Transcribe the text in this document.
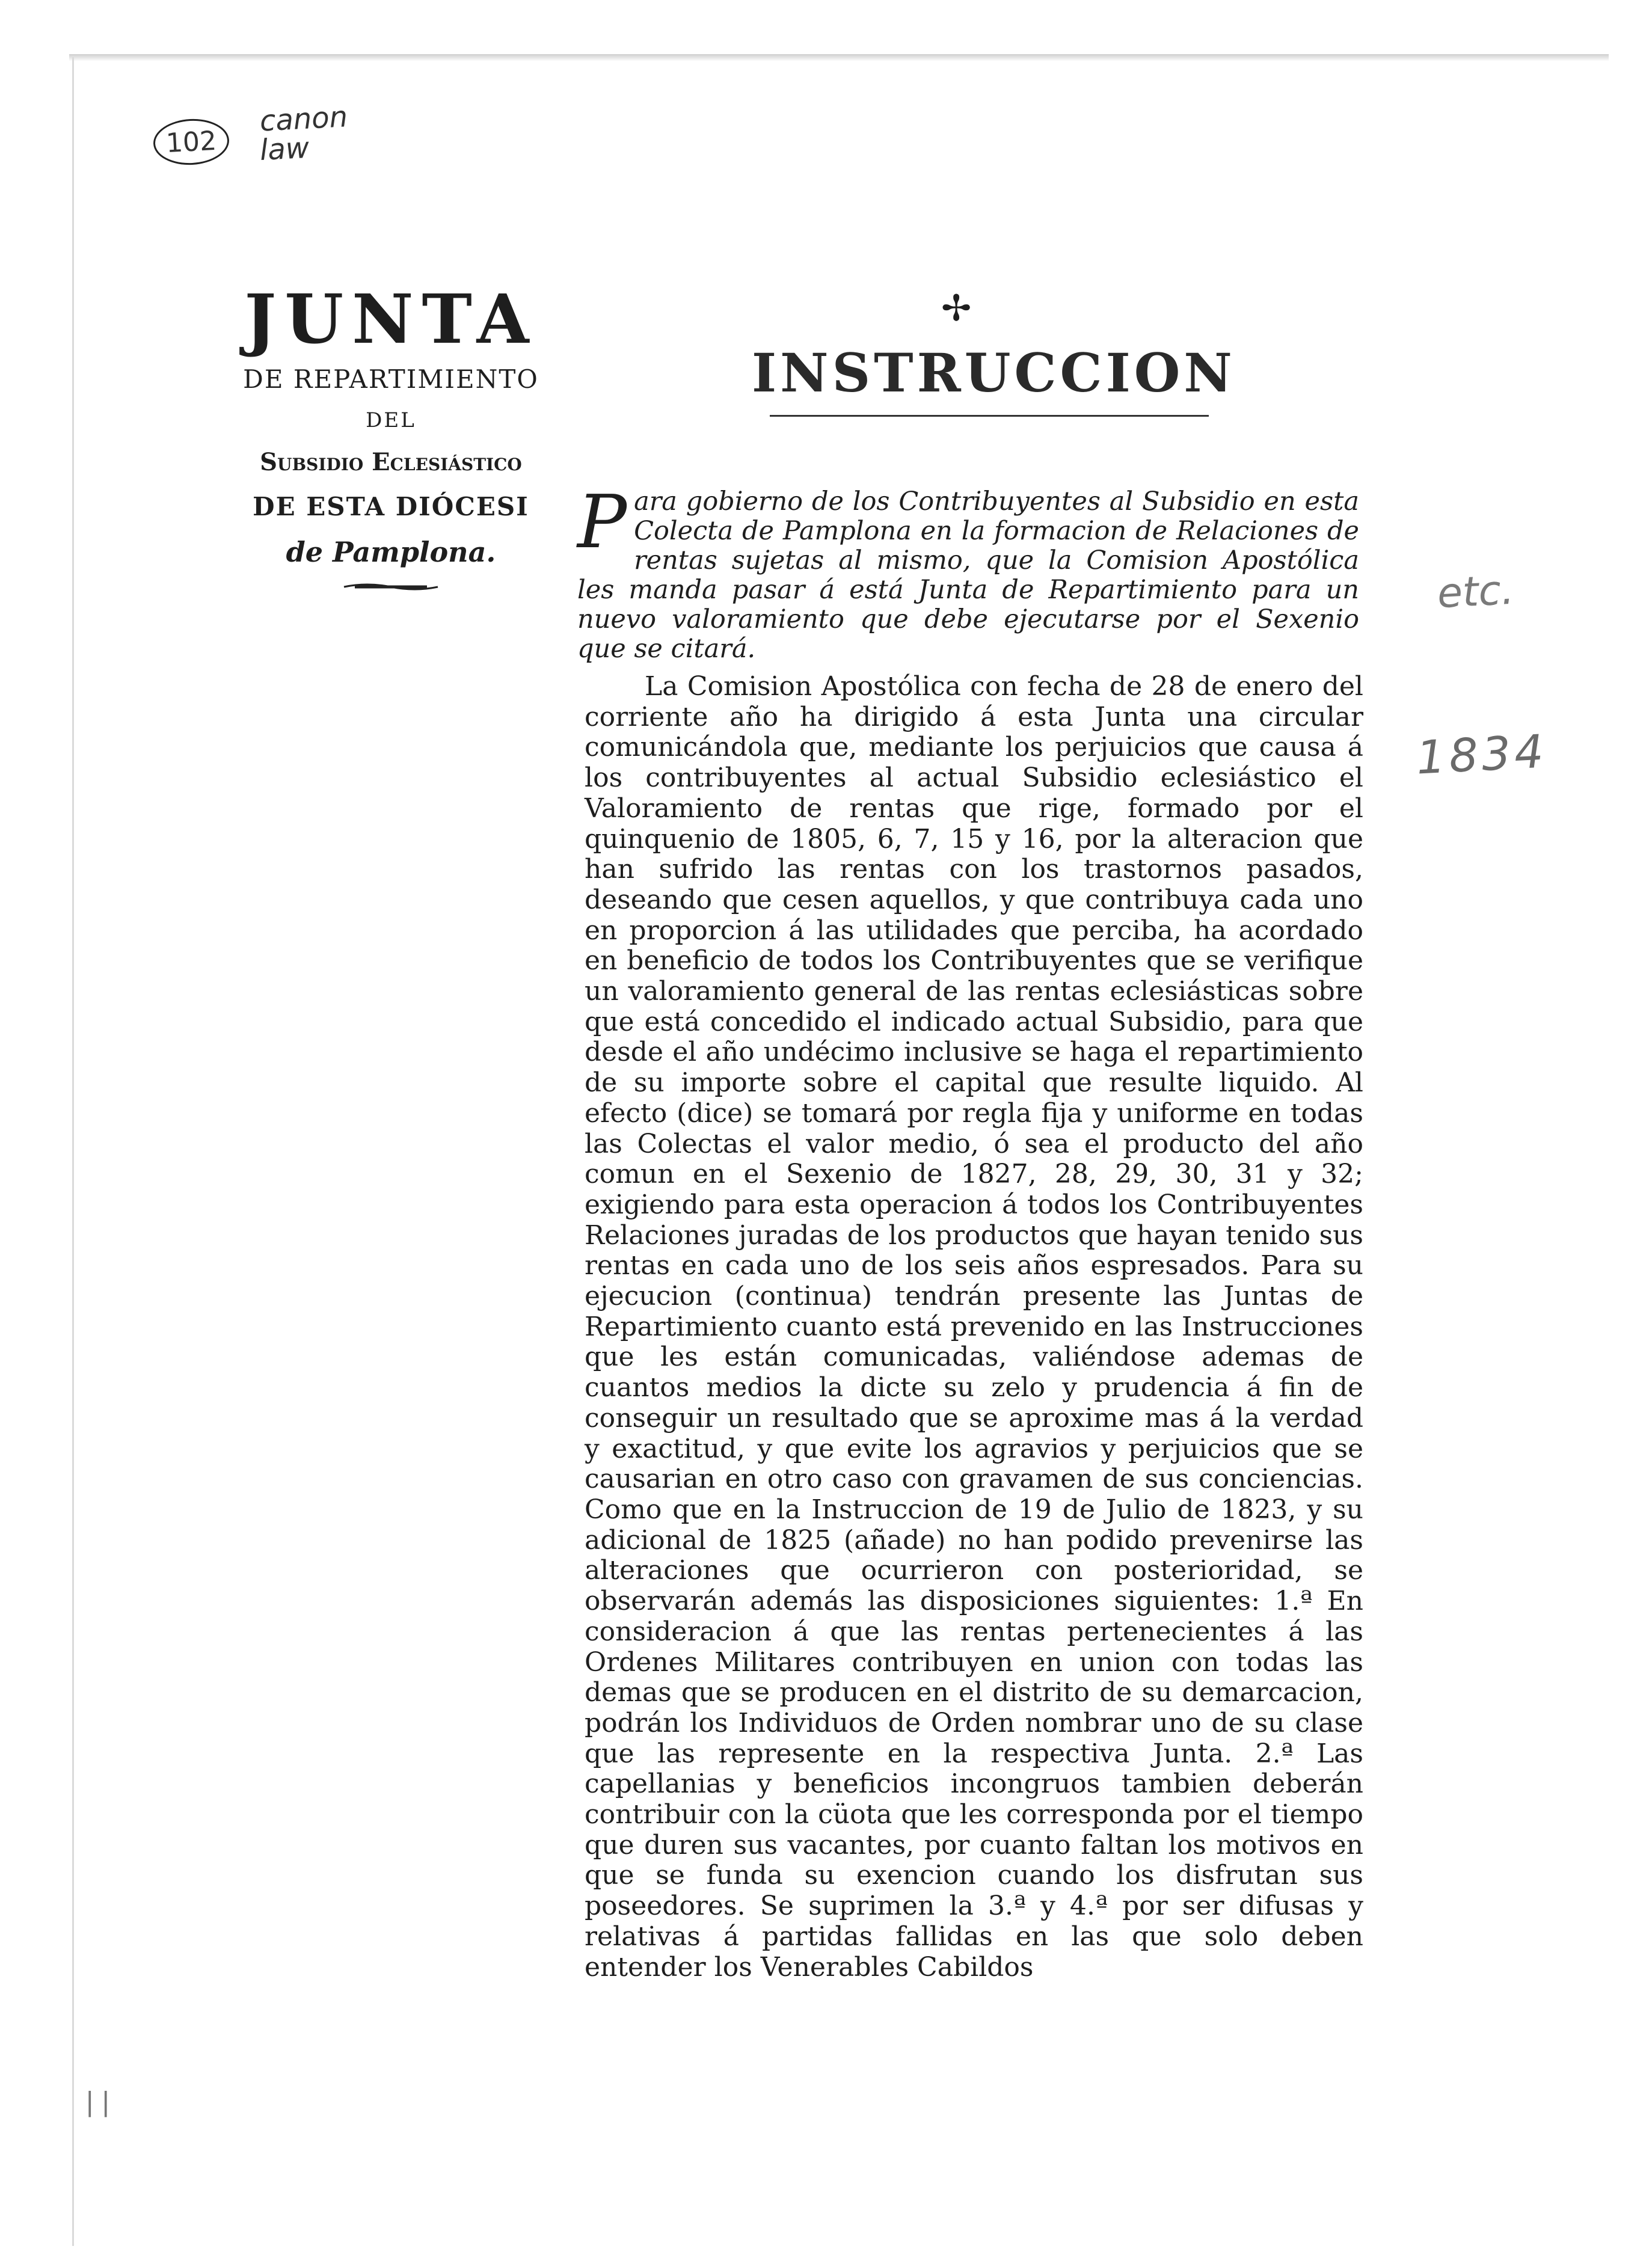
||
102
canon
law
etc.
1834
JUNTA
DE REPARTIMIENTO
DEL
Subsidio Eclesiástico
DE ESTA DIÓCESI
de Pamplona.
✢
INSTRUCCION
Para gobierno de los Contribuyentes al Subsidio en esta Colecta de Pamplona en la formacion de Relaciones de rentas sujetas al mismo, que la Comision Apostólica les manda pasar á está Junta de Repartimiento para un nuevo valoramiento que debe ejecutarse por el Sexenio que se citará.
La Comision Apostólica con fecha de 28 de enero del corriente año ha dirigido á esta Junta una circular comunicándola que, mediante los perjuicios que causa á los contribuyentes al actual Subsidio eclesiástico el Valoramiento de rentas que rige, formado por el quinquenio de 1805, 6, 7, 15 y 16, por la alteracion que han sufrido las rentas con los trastornos pasados, deseando que cesen aquellos, y que contribuya cada uno en proporcion á las utilidades que perciba, ha acordado en beneficio de todos los Contribuyentes que se verifique un valoramiento general de las rentas eclesiásticas sobre que está concedido el indicado actual Subsidio, para que desde el año undécimo inclusive se haga el repartimiento de su importe sobre el capital que resulte liquido. Al efecto (dice) se tomará por regla fija y uniforme en todas las Colectas el valor medio, ó sea el producto del año comun en el Sexenio de 1827, 28, 29, 30, 31 y 32; exigiendo para esta operacion á todos los Contribuyentes Relaciones juradas de los productos que hayan tenido sus rentas en cada uno de los seis años espresados. Para su ejecucion (continua) tendrán presente las Juntas de Repartimiento cuanto está prevenido en las Instrucciones que les están comunicadas, valiéndose ademas de cuantos medios la dicte su zelo y prudencia á fin de conseguir un resultado que se aproxime mas á la verdad y exactitud, y que evite los agravios y perjuicios que se causarian en otro caso con gravamen de sus conciencias. Como que en la Instruccion de 19 de Julio de 1823, y su adicional de 1825 (añade) no han podido prevenirse las alteraciones que ocurrieron con posterioridad, se observarán además las disposiciones siguientes: 1.ª En consideracion á que las rentas pertenecientes á las Ordenes Militares contribuyen en union con todas las demas que se producen en el distrito de su demarcacion, podrán los Individuos de Orden nombrar uno de su clase que las represente en la respectiva Junta. 2.ª Las capellanias y beneficios incongruos tambien deberán contribuir con la cüota que les corresponda por el tiempo que duren sus vacantes, por cuanto faltan los motivos en que se funda su exencion cuando los disfrutan sus poseedores. Se suprimen la 3.ª y 4.ª por ser difusas y relativas á partidas fallidas en las que solo deben entender los Venerables Cabildos
